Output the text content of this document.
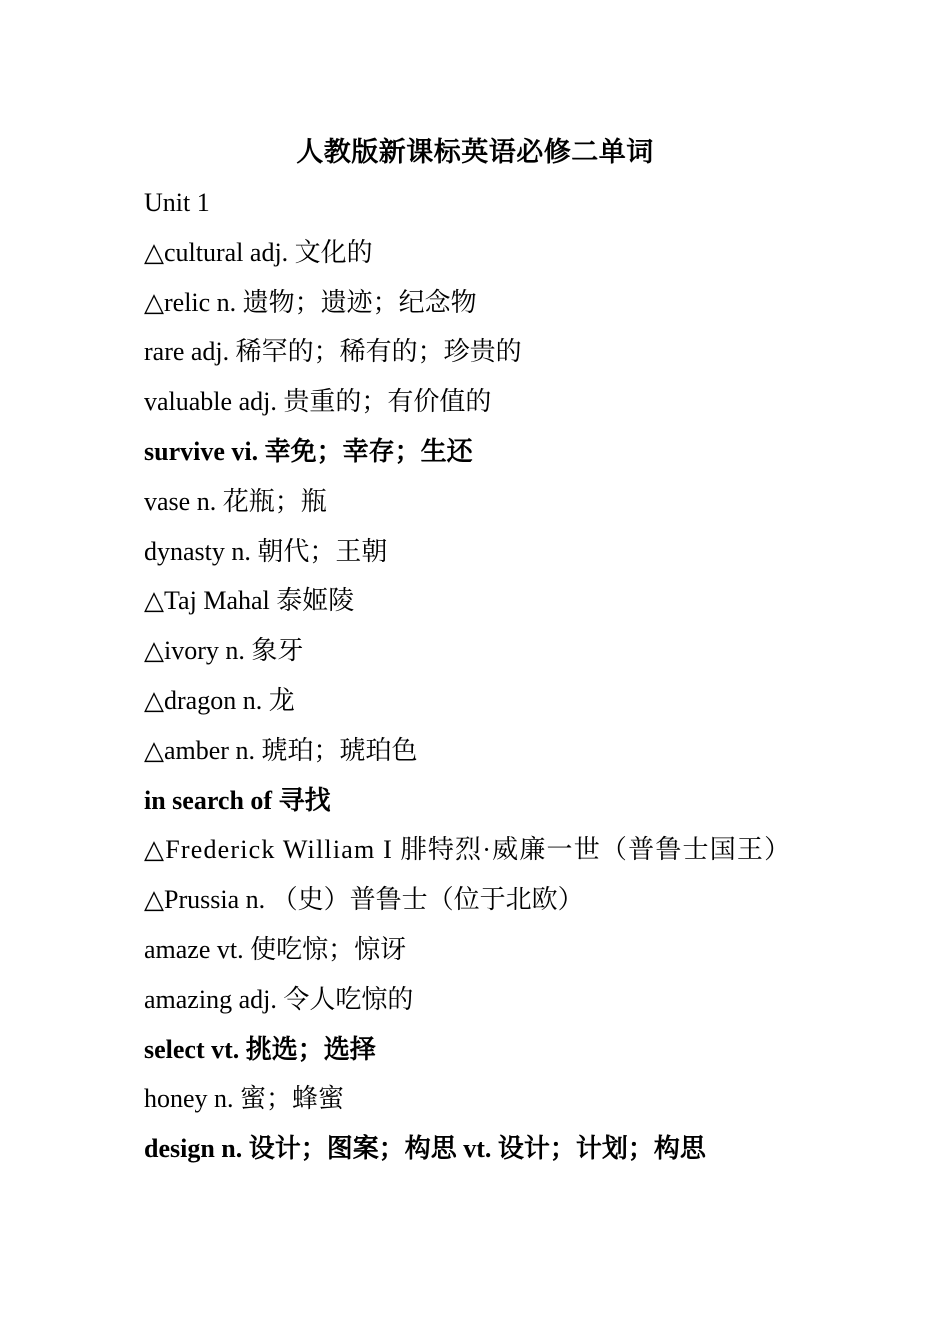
人教版新课标英语必修二单词
Unit 1
△cultural adj. 文化的
△relic n. 遗物；遗迹；纪念物
rare adj. 稀罕的；稀有的；珍贵的
valuable adj. 贵重的；有价值的
survive vi. 幸免；幸存；生还
vase n. 花瓶；瓶
dynasty n. 朝代；王朝
△Taj Mahal 泰姬陵
△ivory n. 象牙
△dragon n. 龙
△amber n. 琥珀；琥珀色
in search of 寻找
△Frederick William I 腓特烈·威廉一世（普鲁士国王）
△Prussia n. （史）普鲁士（位于北欧）
amaze vt. 使吃惊；惊讶
amazing adj. 令人吃惊的
select vt. 挑选；选择
honey n. 蜜；蜂蜜
design n. 设计；图案；构思 vt. 设计；计划；构思
